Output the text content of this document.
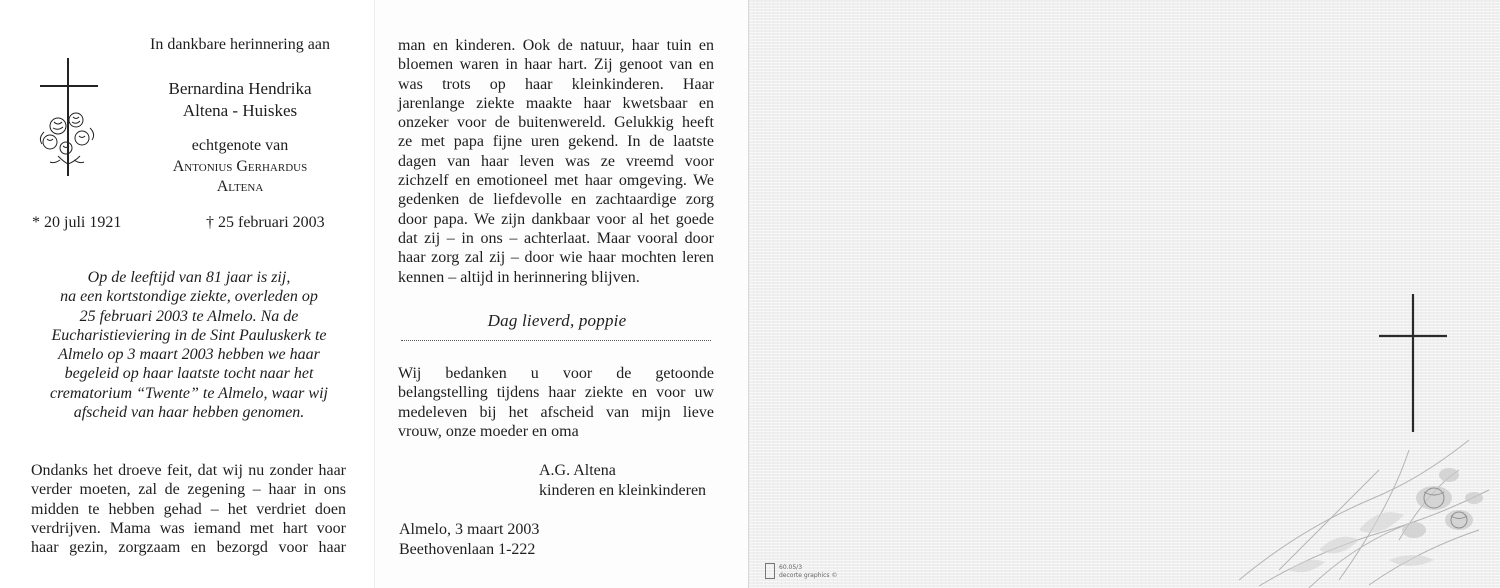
In dankbare herinnering aan
Bernardina Hendrika
Altena - Huiskes
echtgenote van
Antonius Gerhardus
Altena
* 20 juli 1921	† 25 februari 2003
Op de leeftijd van 81 jaar is zij,
na een kortstondige ziekte, overleden op
25 februari 2003 te Almelo. Na de
Eucharistieviering in de Sint Pauluskerk te
Almelo op 3 maart 2003 hebben we haar
begeleid op haar laatste tocht naar het
crematorium “Twente” te Almelo, waar wij
afscheid van haar hebben genomen.

Ondanks het droeve feit, dat wij nu zonder haar

verder moeten, zal de zegening – haar in ons

midden te hebben gehad – het verdriet doen

verdrijven. Mama was iemand met hart voor

haar gezin, zorgzaam en bezorgd voor haar

man en kinderen. Ook de natuur, haar tuin en

bloemen waren in haar hart. Zij genoot van en

was trots op haar kleinkinderen. Haar

jarenlange ziekte maakte haar kwetsbaar en

onzeker voor de buitenwereld. Gelukkig heeft

ze met papa fijne uren gekend. In de laatste

dagen van haar leven was ze vreemd voor

zichzelf en emotioneel met haar omgeving. We

gedenken de liefdevolle en zachtaardige zorg

door papa. We zijn dankbaar voor al het goede

dat zij – in ons – achterlaat. Maar vooral door

haar zorg zal zij – door wie haar mochten leren

kennen – altijd in herinnering blijven.

Dag lieverd, poppie

Wij bedanken u voor de getoonde

belangstelling tijdens haar ziekte en voor uw

medeleven bij het afscheid van mijn lieve

vrouw, onze moeder en oma

A.G. Altena
kinderen en kleinkinderen
Almelo, 3 maart 2003
Beethovenlaan 1-222
60.05/3
decorte graphics ©
